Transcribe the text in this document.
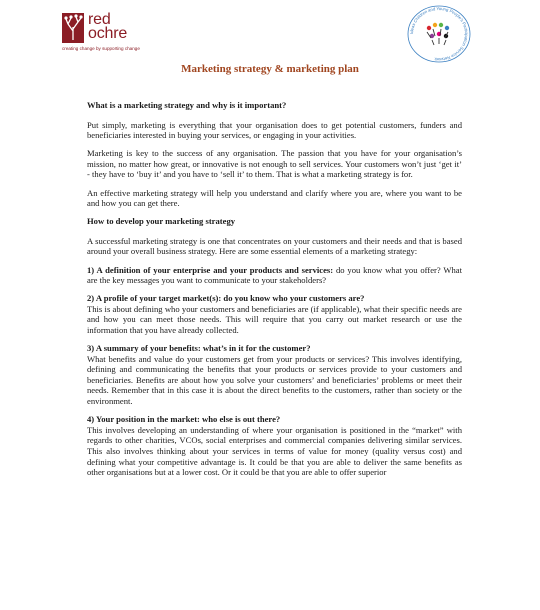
red
ochre
creating change by supporting change
Ideas Children and Young People's Participation Service Network
Marketing strategy & marketing plan
What is a marketing strategy and why is it important?

Put simply, marketing is everything that your organisation does to get potential customers, funders and beneficiaries interested in buying your services, or engaging in your activities.

Marketing is key to the success of any organisation. The passion that you have for your organisation’s mission, no matter how great, or innovative is not enough to sell services. Your customers won’t just ‘get it’ - they have to ‘buy it’ and you have to ‘sell it’ to them. That is what a marketing strategy is for.

An effective marketing strategy will help you understand and clarify where you are, where you want to be and how you can get there.

How to develop your marketing strategy

A successful marketing strategy is one that concentrates on your customers and their needs and that is based around your overall business strategy. Here are some essential elements of a marketing strategy:

1) A definition of your enterprise and your products and services: do you know what you offer? What are the key messages you want to communicate to your stakeholders?

2) A profile of your target market(s): do you know who your customers are?
This is about defining who your customers and beneficiaries are (if applicable), what their specific needs are and how you can meet those needs. This will require that you carry out market research or use the information that you have already collected.

3) A summary of your benefits: what’s in it for the customer?
What benefits and value do your customers get from your products or services? This involves identifying, defining and communicating the benefits that your products or services provide to your customers and beneficiaries. Benefits are about how you solve your customers’ and beneficiaries’ problems or meet their needs. Remember that in this case it is about the direct benefits to the customers, rather than society or the environment.

4) Your position in the market: who else is out there?
This involves developing an understanding of where your organisation is positioned in the “market” with regards to other charities, VCOs, social enterprises and commercial companies delivering similar services. This also involves thinking about your services in terms of value for money (quality versus cost) and defining what your competitive advantage is. It could be that you are able to deliver the same benefits as other organisations but at a lower cost. Or it could be that you are able to offer superior
